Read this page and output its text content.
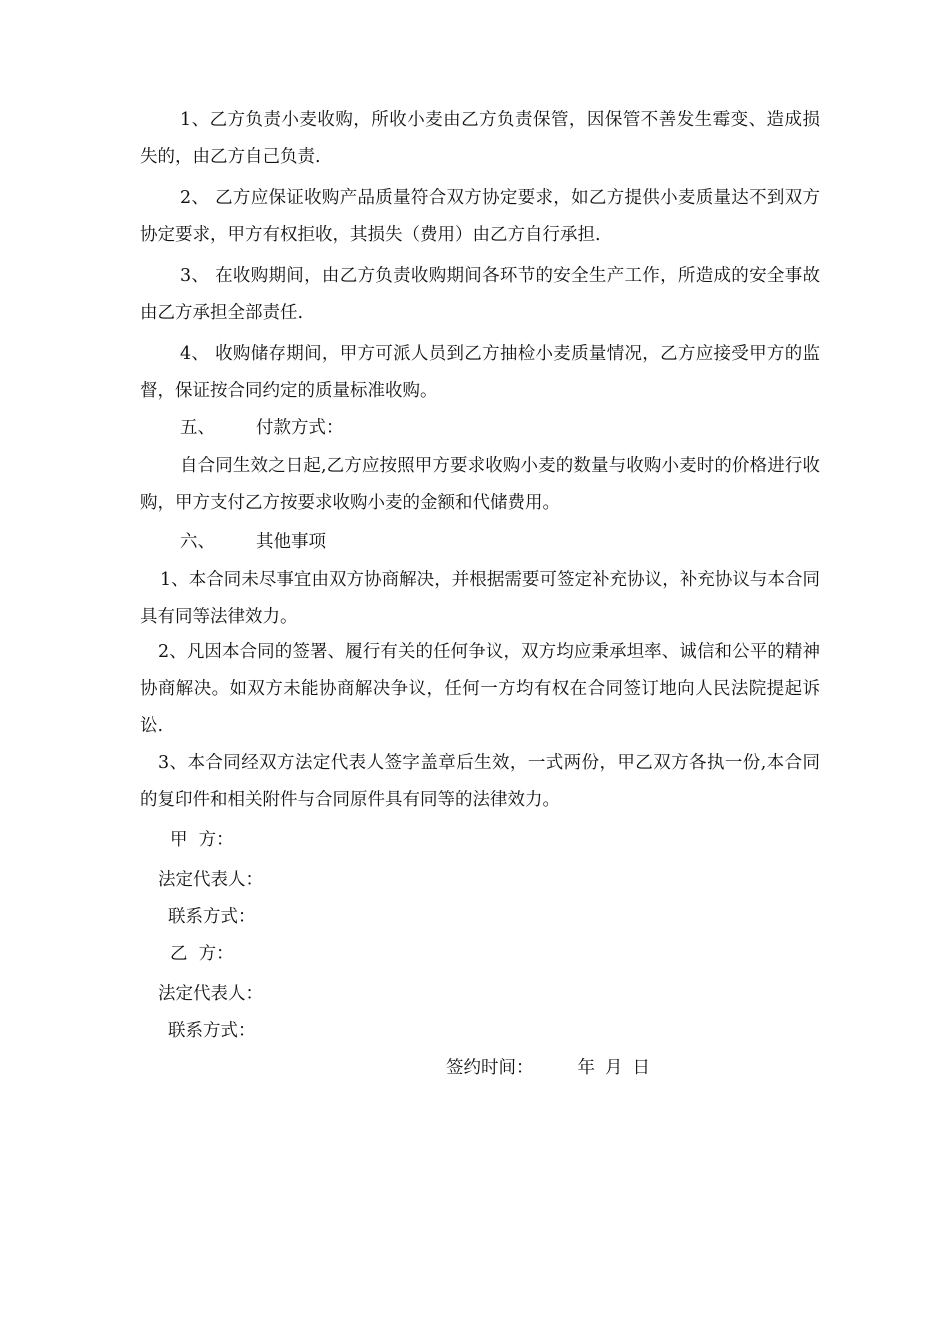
1、乙方负责小麦收购，所收小麦由乙方负责保管，因保管不善发生霉变、造成损失的，由乙方自己负责.

2、 乙方应保证收购产品质量符合双方协定要求，如乙方提供小麦质量达不到双方协定要求，甲方有权拒收，其损失（费用）由乙方自行承担.

3、 在收购期间，由乙方负责收购期间各环节的安全生产工作，所造成的安全事故由乙方承担全部责任.

4、 收购储存期间，甲方可派人员到乙方抽检小麦质量情况，乙方应接受甲方的监督，保证按合同约定的质量标准收购。

五、 付款方式：

自合同生效之日起,乙方应按照甲方要求收购小麦的数量与收购小麦时的价格进行收购，甲方支付乙方按要求收购小麦的金额和代储费用。

六、 其他事项

1、本合同未尽事宜由双方协商解决，并根据需要可签定补充协议，补充协议与本合同具有同等法律效力。

2、凡因本合同的签署、履行有关的任何争议，双方均应秉承坦率、诚信和公平的精神协商解决。如双方未能协商解决争议，任何一方均有权在合同签订地向人民法院提起诉讼.

3、本合同经双方法定代表人签字盖章后生效，一式两份，甲乙双方各执一份,本合同的复印件和相关附件与合同原件具有同等的法律效力。

甲  方：
法定代表人：
联系方式：
乙  方：
法定代表人：
联系方式：
签约时间：	年 月 日
